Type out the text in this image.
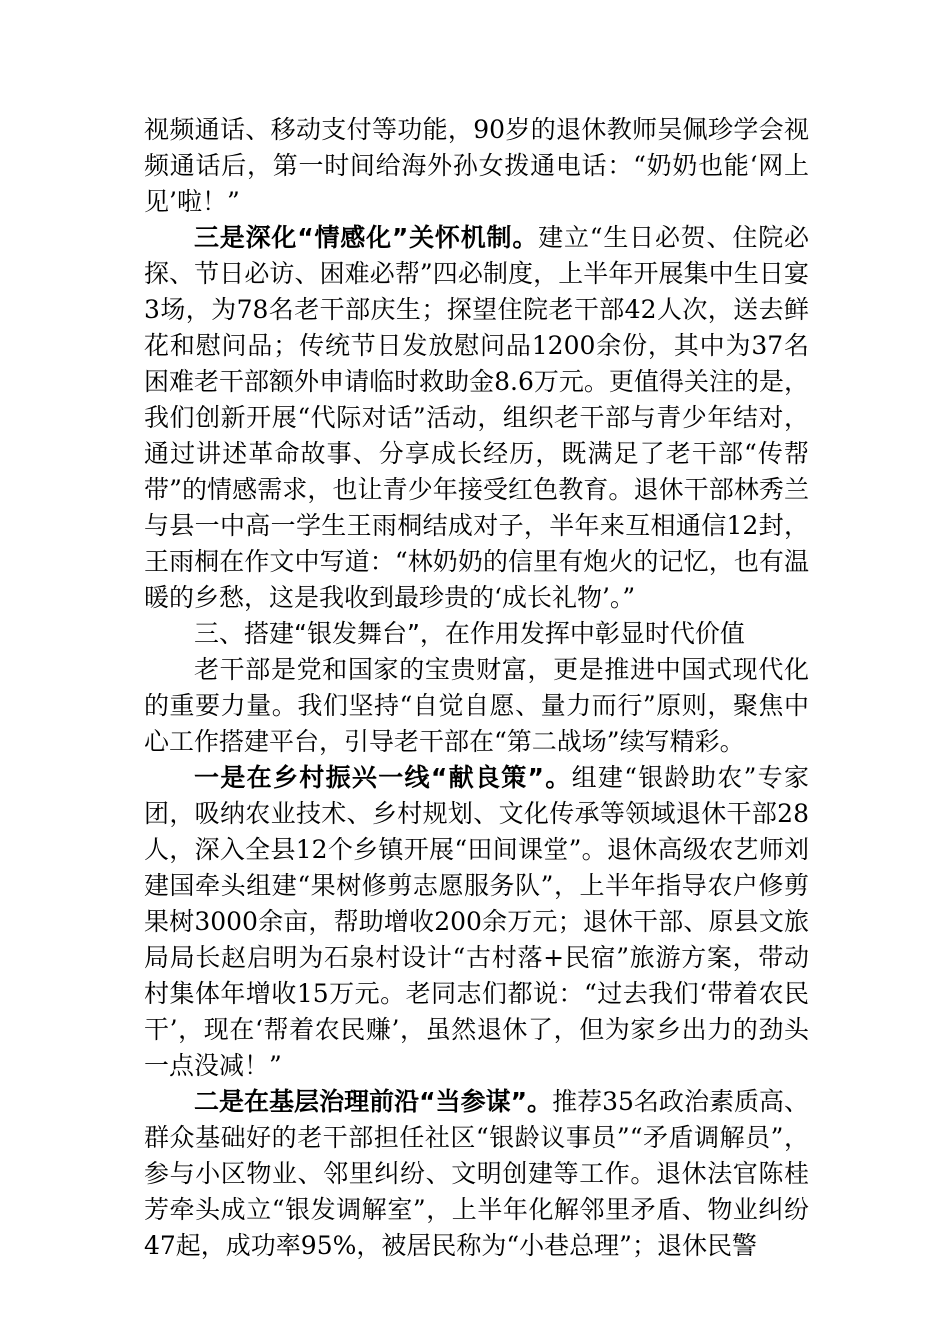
视频通话、移动支付等功能，90岁的退休教师吴佩珍学会视频通话后，第一时间给海外孙女拨通电话：“奶奶也能‘网上见’啦！”

三是深化“情感化”关怀机制。建立“生日必贺、住院必探、节日必访、困难必帮”四必制度，上半年开展集中生日宴3场，为78名老干部庆生；探望住院老干部42人次，送去鲜花和慰问品；传统节日发放慰问品1200余份，其中为37名困难老干部额外申请临时救助金8.6万元。更值得关注的是，我们创新开展“代际对话”活动，组织老干部与青少年结对，通过讲述革命故事、分享成长经历，既满足了老干部“传帮带”的情感需求，也让青少年接受红色教育。退休干部林秀兰与县一中高一学生王雨桐结成对子，半年来互相通信12封，王雨桐在作文中写道：“林奶奶的信里有炮火的记忆，也有温暖的乡愁，这是我收到最珍贵的‘成长礼物’。”

三、搭建“银发舞台”，在作用发挥中彰显时代价值

老干部是党和国家的宝贵财富，更是推进中国式现代化的重要力量。我们坚持“自觉自愿、量力而行”原则，聚焦中心工作搭建平台，引导老干部在“第二战场”续写精彩。

一是在乡村振兴一线“献良策”。组建“银龄助农”专家团，吸纳农业技术、乡村规划、文化传承等领域退休干部28人，深入全县12个乡镇开展“田间课堂”。退休高级农艺师刘建国牵头组建“果树修剪志愿服务队”，上半年指导农户修剪果树3000余亩，帮助增收200余万元；退休干部、原县文旅局局长赵启明为石泉村设计“古村落+民宿”旅游方案，带动村集体年增收15万元。老同志们都说：“过去我们‘带着农民干’，现在‘帮着农民赚’，虽然退休了，但为家乡出力的劲头一点没减！”

二是在基层治理前沿“当参谋”。推荐35名政治素质高、群众基础好的老干部担任社区“银龄议事员”“矛盾调解员”，参与小区物业、邻里纠纷、文明创建等工作。退休法官陈桂芳牵头成立“银发调解室”，上半年化解邻里矛盾、物业纠纷47起，成功率95%，被居民称为“小巷总理”；退休民警
